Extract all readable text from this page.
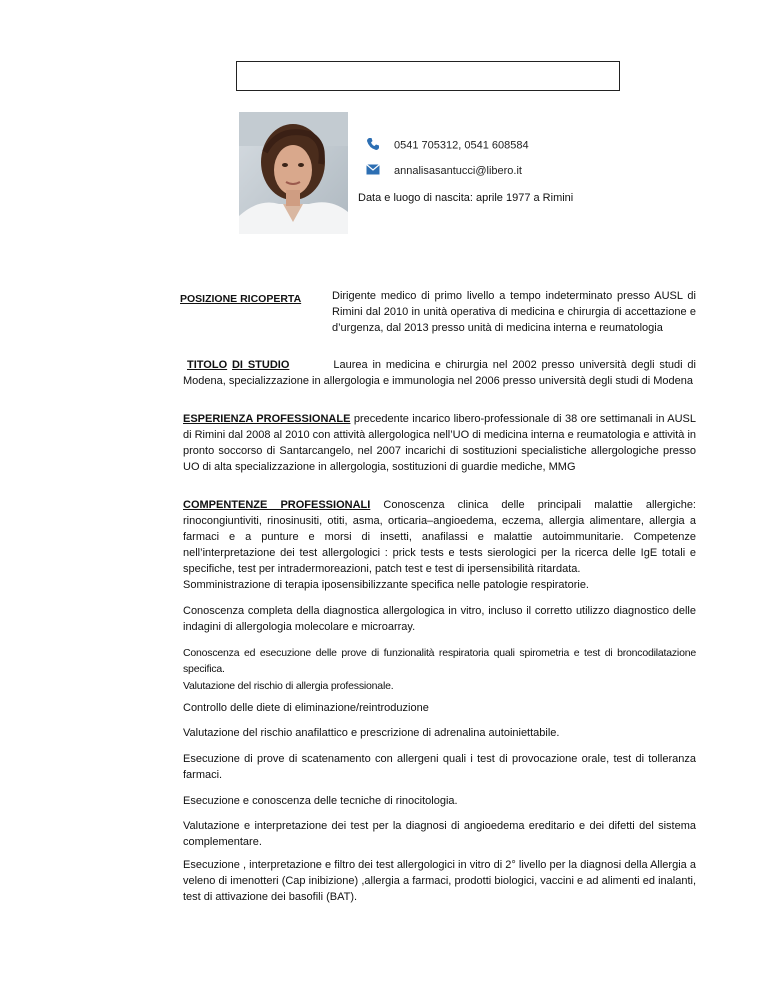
0541 705312, 0541 608584
annalisasantucci@libero.it
Data e luogo di nascita: aprile 1977 a Rimini
POSIZIONE RICOPERTA	Dirigente medico di primo livello a tempo indeterminato presso AUSL di Rimini dal 2010 in unità operativa di medicina e chirurgia di accettazione e d’urgenza, dal 2013 presso unità di medicina interna e reumatologia
TITOLO DI STUDIO	Laurea in medicina e chirurgia nel 2002 presso università degli studi di Modena, specializzazione in allergologia e immunologia nel 2006 presso università degli studi di Modena
ESPERIENZA PROFESSIONALE precedente incarico libero-professionale di 38 ore settimanali in AUSL di Rimini dal 2008 al 2010 con attività allergologica nell’UO di medicina interna e reumatologia e attività in pronto soccorso di Santarcangelo, nel 2007 incarichi di sostituzioni specialistiche allergologiche presso UO di alta specializzazione in allergologia, sostituzioni di guardie mediche, MMG
COMPENTENZE PROFESSIONALI Conoscenza clinica delle principali malattie allergiche: rinocongiuntiviti, rinosinusiti, otiti, asma, orticaria–angioedema, eczema, allergia alimentare, allergia a farmaci e a punture e morsi di insetti, anafilassi e malattie autoimmunitarie. Competenze nell’interpretazione dei test allergologici : prick tests e tests sierologici per la ricerca delle IgE totali e specifiche, test per intradermoreazioni, patch test e test di ipersensibilità ritardata.
Somministrazione di terapia iposensibilizzante specifica nelle patologie respiratorie.
Conoscenza completa della diagnostica allergologica in vitro, incluso il corretto utilizzo diagnostico delle indagini di allergologia molecolare e microarray.
Conoscenza ed esecuzione delle prove di funzionalità respiratoria quali spirometria e test di broncodilatazione specifica.
Valutazione del rischio di allergia professionale.
Controllo delle diete di eliminazione/reintroduzione
Valutazione del rischio anafilattico e prescrizione di adrenalina autoiniettabile.
Esecuzione di prove di scatenamento con allergeni quali i test di provocazione orale, test di tolleranza farmaci.
Esecuzione e conoscenza delle tecniche di rinocitologia.
Valutazione e interpretazione dei test per la diagnosi di angioedema ereditario e dei difetti del sistema complementare.
Esecuzione , interpretazione e filtro dei test allergologici in vitro di 2° livello per la diagnosi della Allergia a veleno di imenotteri (Cap inibizione) ,allergia a farmaci, prodotti biologici, vaccini e ad alimenti ed inalanti, test di attivazione dei basofili (BAT).
